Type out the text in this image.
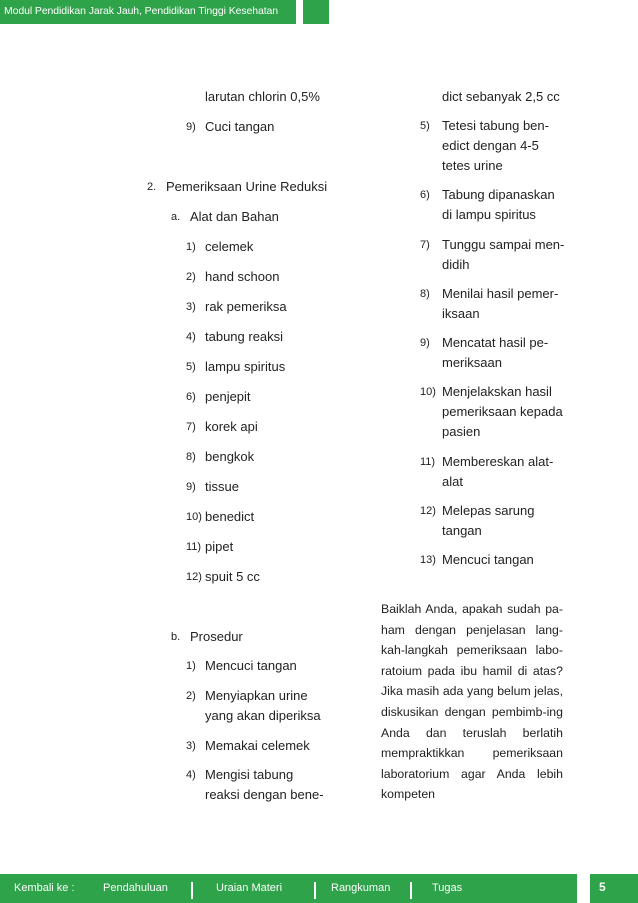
Modul Pendidikan Jarak Jauh, Pendidikan Tinggi Kesehatan
larutan chlorin 0,5%
9) Cuci tangan
2. Pemeriksaan Urine Reduksi
a. Alat dan Bahan
1) celemek
2) hand schoon
3) rak pemeriksa
4) tabung reaksi
5) lampu spiritus
6) penjepit
7) korek api
8) bengkok
9) tissue
10) benedict
11) pipet
12) spuit 5 cc
b. Prosedur
1) Mencuci tangan
2) Menyiapkan urine
yang akan diperiksa
3) Memakai celemek
4) Mengisi tabung
reaksi dengan bene-
dict sebanyak 2,5 cc
5) Tetesi tabung ben-
edict dengan 4-5
tetes urine
6) Tabung dipanaskan
di lampu spiritus
7) Tunggu sampai men-
didih
8) Menilai hasil pemer-
iksaan
9) Mencatat hasil pe-
meriksaan
10) Menjelakskan hasil
pemeriksaan kepada
pasien
11) Membereskan alat-
alat
12) Melepas sarung
tangan
13) Mencuci tangan

Baiklah Anda, apakah sudah pa-ham dengan penjelasan lang-kah-langkah pemeriksaan labo-ratoium pada ibu hamil di atas? Jika masih ada yang belum jelas, diskusikan dengan pembimb-ing Anda dan teruslah berlatih mempraktikkan pemeriksaan laboratorium agar Anda lebih kompeten

Kembali ke :	Pendahuluan	Uraian Materi	Rangkuman	Tugas	5
